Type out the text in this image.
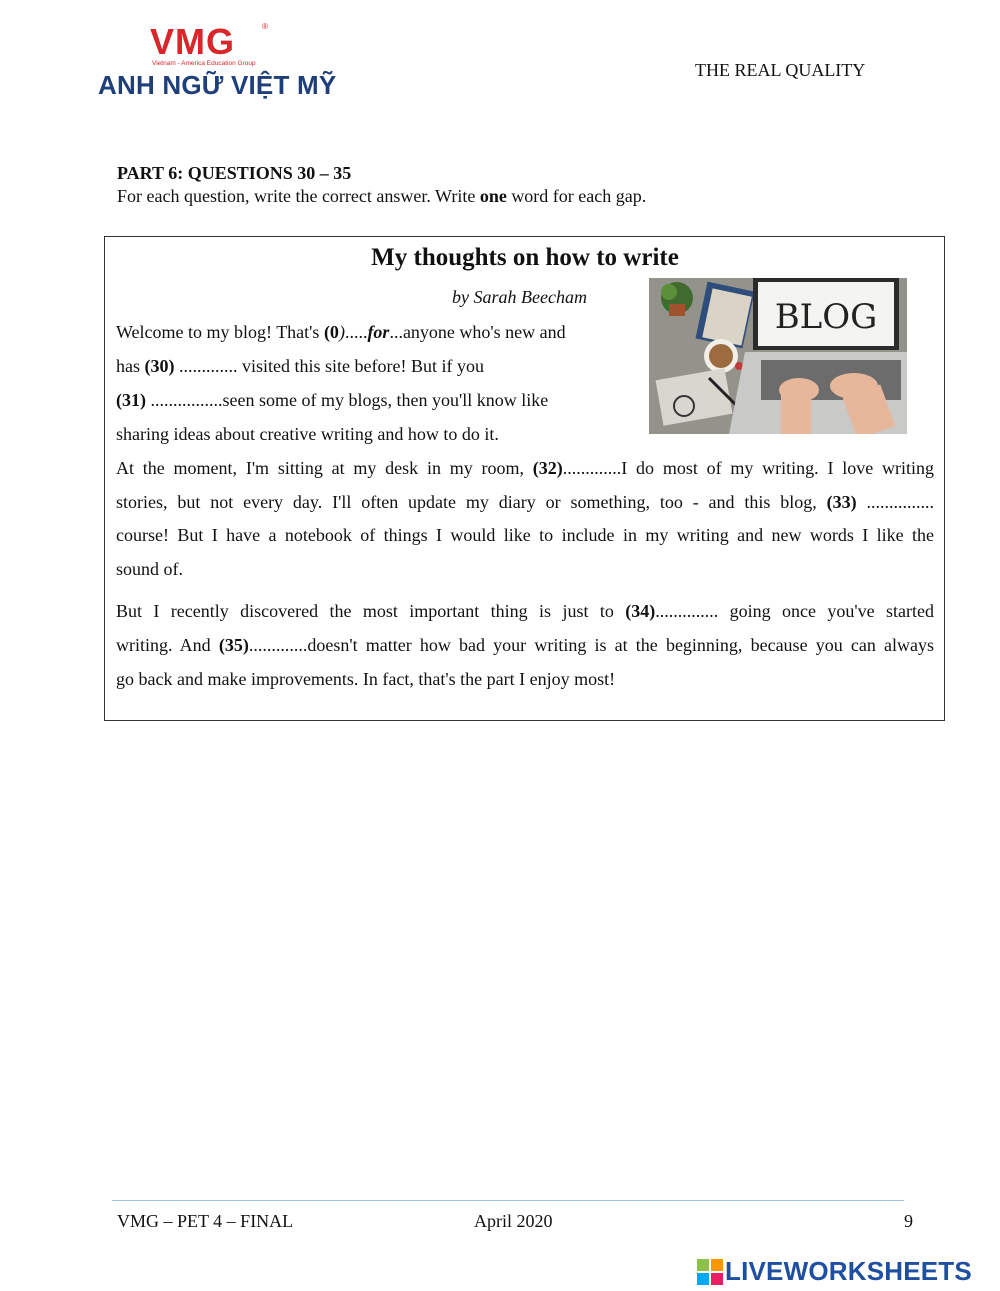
VMG	®
Vietnam - America Education Group
ANH NGỮ VIỆT MỸ	THE REAL QUALITY
PART 6: QUESTIONS 30 – 35
For each question, write the correct answer. Write one word for each gap.
My thoughts on how to write
by Sarah Beecham	BLOG
Welcome to my blog! That's (0).....for...anyone who's new and
has (30) ............. visited this site before! But if you
(31) ................seen some of my blogs, then you'll know like
sharing ideas about creative writing and how to do it.
At the moment, I'm sitting at my desk in my room, (32).............I do most of my writing. I love writing
stories, but not every day. I'll often update my diary or something, too - and this blog, (33) ...............
course! But I have a notebook of things I would like to include in my writing and new words I like the
sound of.
But I recently discovered the most important thing is just to (34).............. going once you've started
writing. And (35).............doesn't matter how bad your writing is at the beginning, because you can always
go back and make improvements. In fact, that's the part I enjoy most!
VMG – PET 4 – FINAL	April 2020	9
LIVEWORKSHEETS
